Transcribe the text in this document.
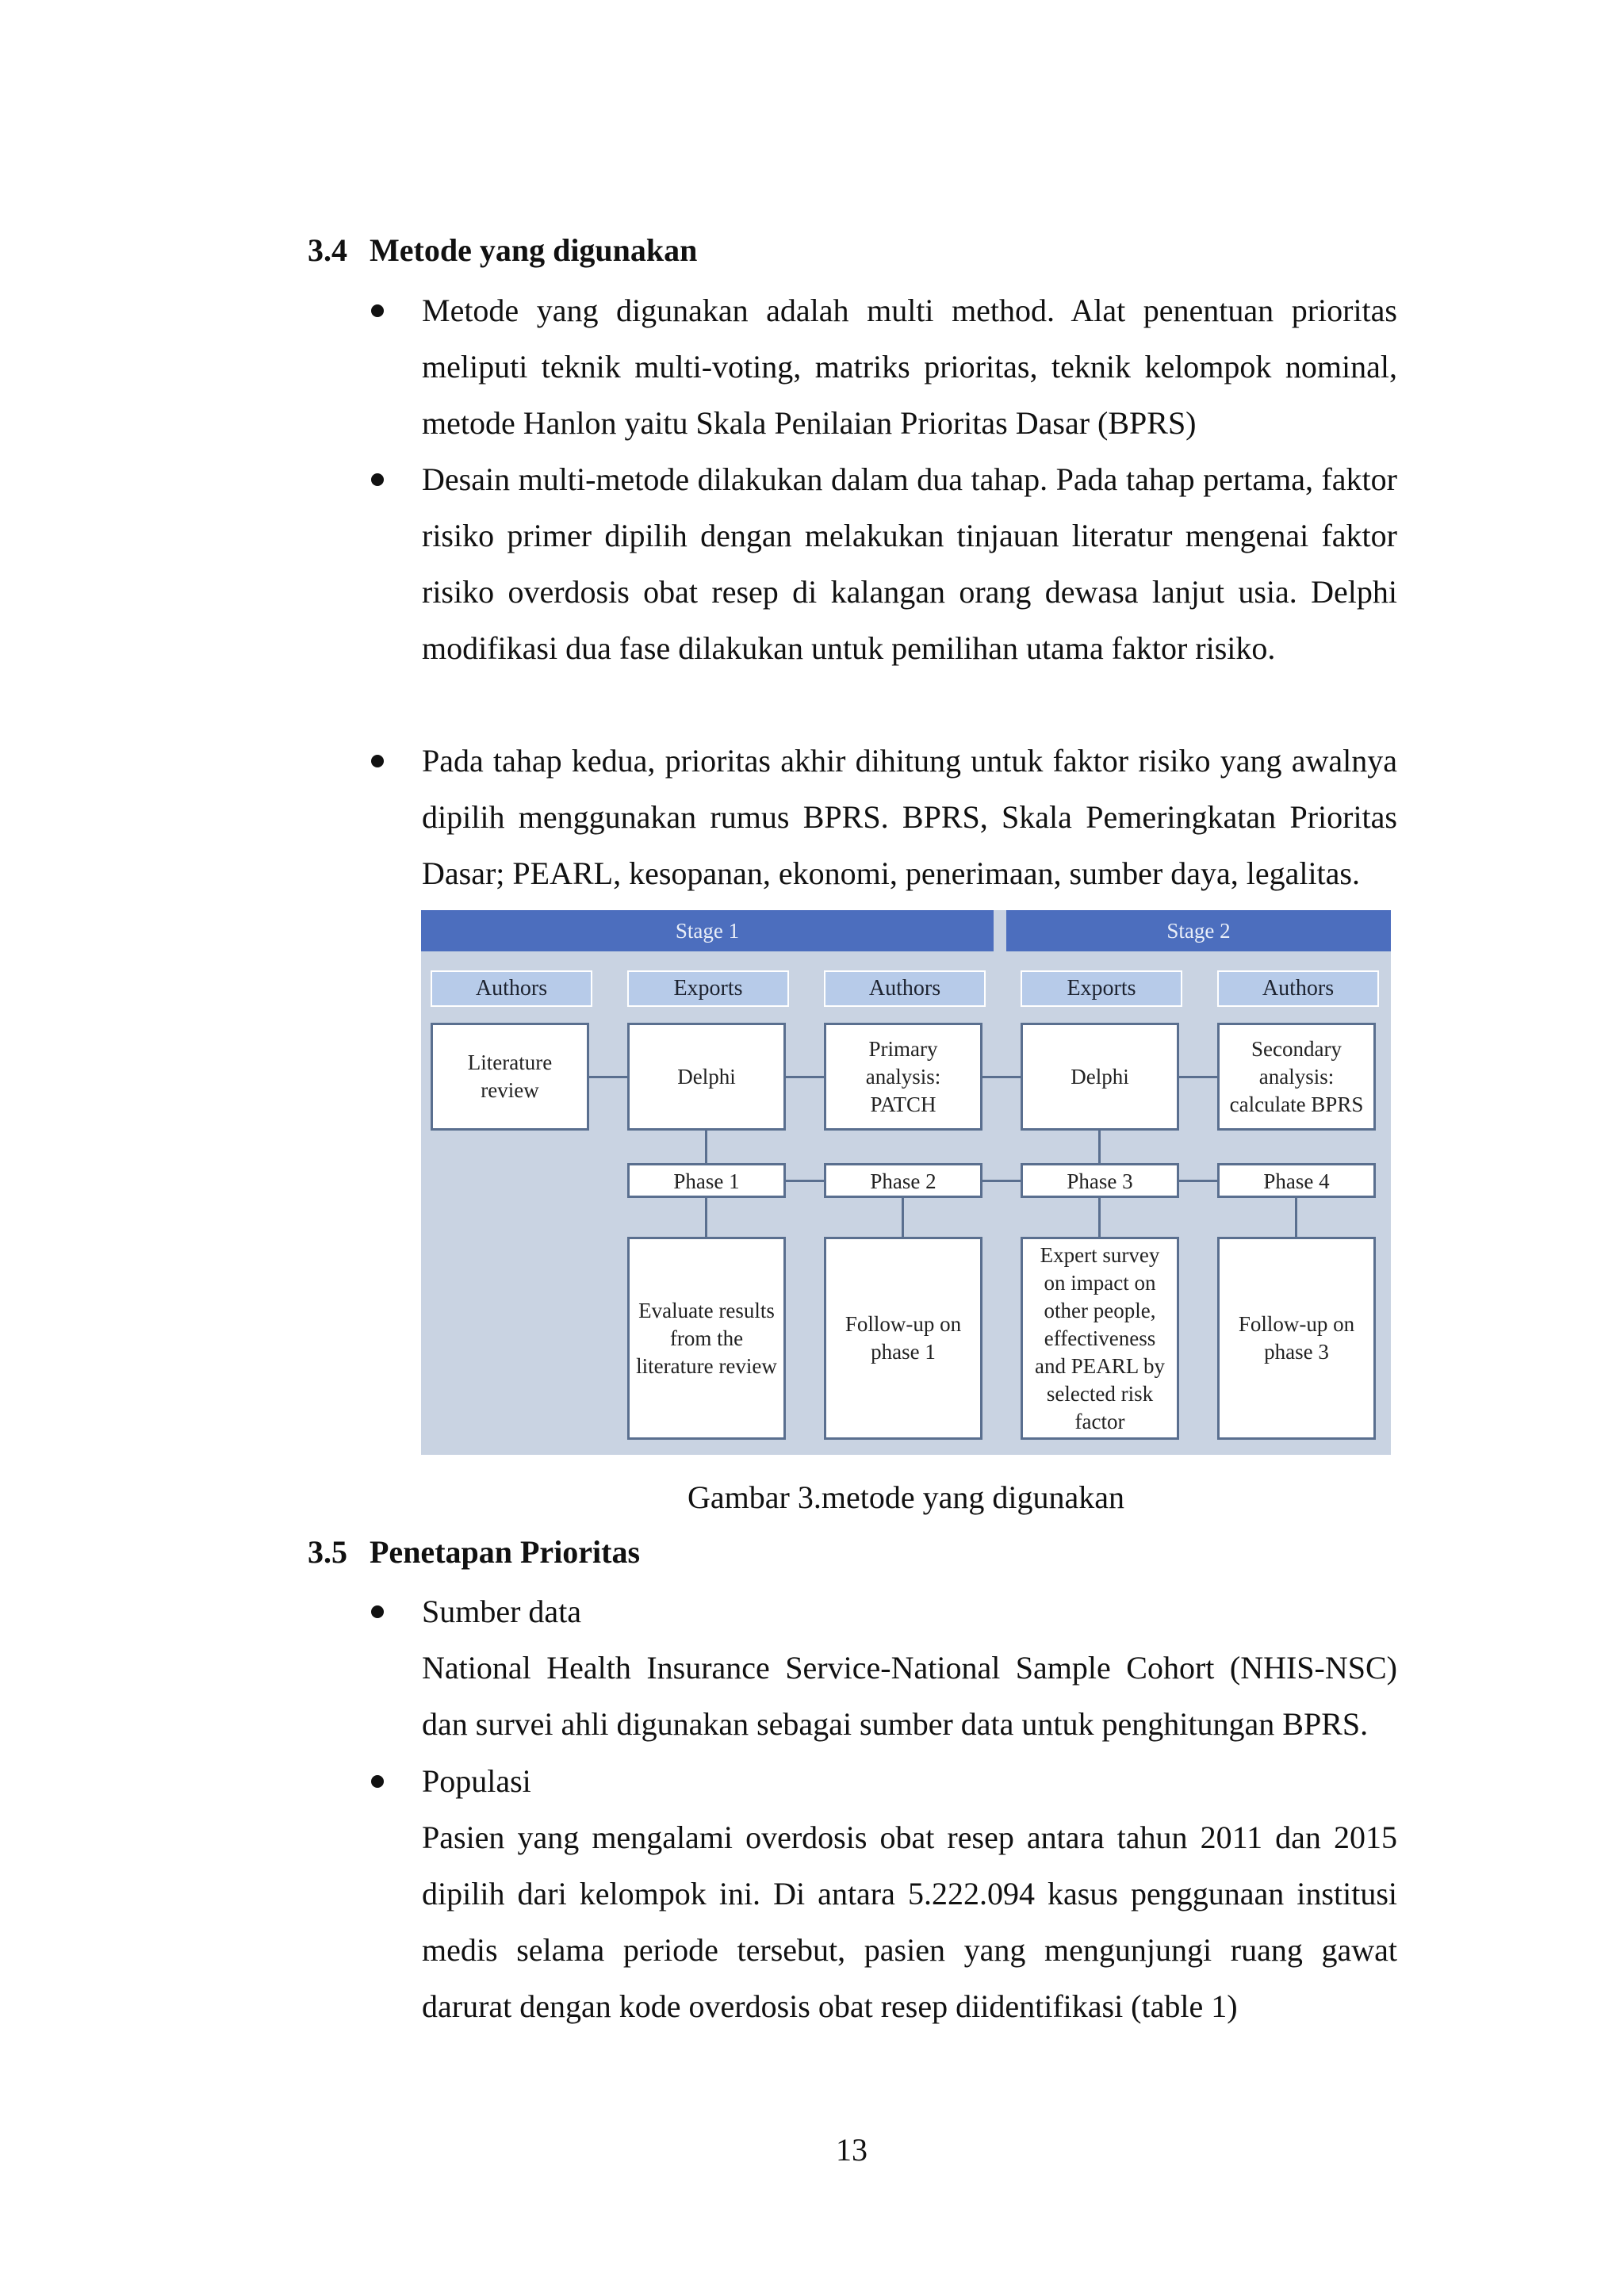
3.4 Metode yang digunakan
Metode yang digunakan adalah multi method. Alat penentuan prioritas meliputi teknik multi-voting, matriks prioritas, teknik kelompok nominal, metode Hanlon yaitu Skala Penilaian Prioritas Dasar (BPRS)
Desain multi-metode dilakukan dalam dua tahap. Pada tahap pertama, faktor risiko primer dipilih dengan melakukan tinjauan literatur mengenai faktor risiko overdosis obat resep di kalangan orang dewasa lanjut usia. Delphi modifikasi dua fase dilakukan untuk pemilihan utama faktor risiko.
Pada tahap kedua, prioritas akhir dihitung untuk faktor risiko yang awalnya dipilih menggunakan rumus BPRS. BPRS, Skala Pemeringkatan Prioritas Dasar; PEARL, kesopanan, ekonomi, penerimaan, sumber daya, legalitas.
Stage 1	Stage 2
Authors	Exports	Authors	Exports	Authors
Literature review
Delphi
Primary analysis: PATCH
Delphi
Secondary analysis: calculate BPRS
Phase 1	Phase 2	Phase 3	Phase 4
Evaluate results from the literature review
Follow-up on phase 1
Expert survey on impact on other people, effectiveness and PEARL by selected risk factor
Follow-up on phase 3
Gambar 3.metode yang digunakan
3.5 Penetapan Prioritas
Sumber data
Populasi
National Health Insurance Service-National Sample Cohort (NHIS-NSC) dan survei ahli digunakan sebagai sumber data untuk penghitungan BPRS.
Pasien yang mengalami overdosis obat resep antara tahun 2011 dan 2015 dipilih dari kelompok ini. Di antara 5.222.094 kasus penggunaan institusi medis selama periode tersebut, pasien yang mengunjungi ruang gawat darurat dengan kode overdosis obat resep diidentifikasi (table 1)
13
